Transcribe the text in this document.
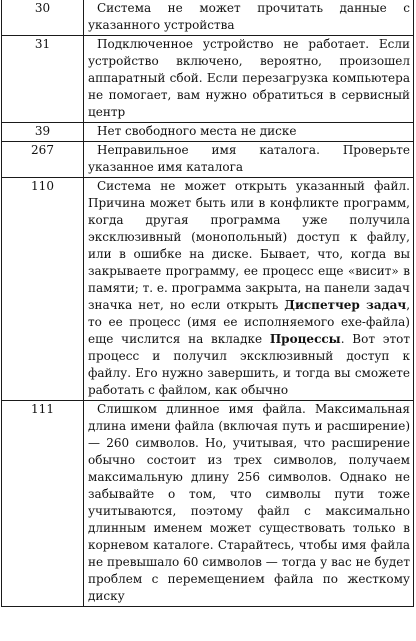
30	Система не может прочитать данные с указанного устройства
31	Подключенное устройство не работает. Если устройство включено, вероятно, произошел аппаратный сбой. Если перезагрузка компьютера не помогает, вам нужно обратиться в сервисный центр
39	Нет свободного места не диске
267	Неправильное имя каталога. Проверьте указанное имя каталога
110	Система не может открыть указанный файл. Причина может быть или в конфликте программ, когда другая программа уже получила эксклюзивный (монопольный) доступ к файлу, или в ошибке на диске. Бывает, что, когда вы закрываете программу, ее процесс еще «висит» в памяти; т. е. программа закрыта, на панели задач значка нет, но если открыть Диспетчер задач, то ее процесс (имя ее исполняемого exe-файла) еще числится на вкладке Процессы. Вот этот процесс и получил эксклюзивный доступ к файлу. Его нужно завершить, и тогда вы сможете работать с файлом, как обычно
111	Слишком длинное имя файла. Максимальная длина имени файла (включая путь и расширение) — 260 символов. Но, учитывая, что расширение обычно состоит из трех символов, получаем максимальную длину 256 символов. Однако не забывайте о том, что символы пути тоже учитываются, поэтому файл с максимально длинным именем может существовать только в корневом каталоге. Старайтесь, чтобы имя файла не превышало 60 символов — тогда у вас не будет проблем с перемещением файла по жесткому диску
